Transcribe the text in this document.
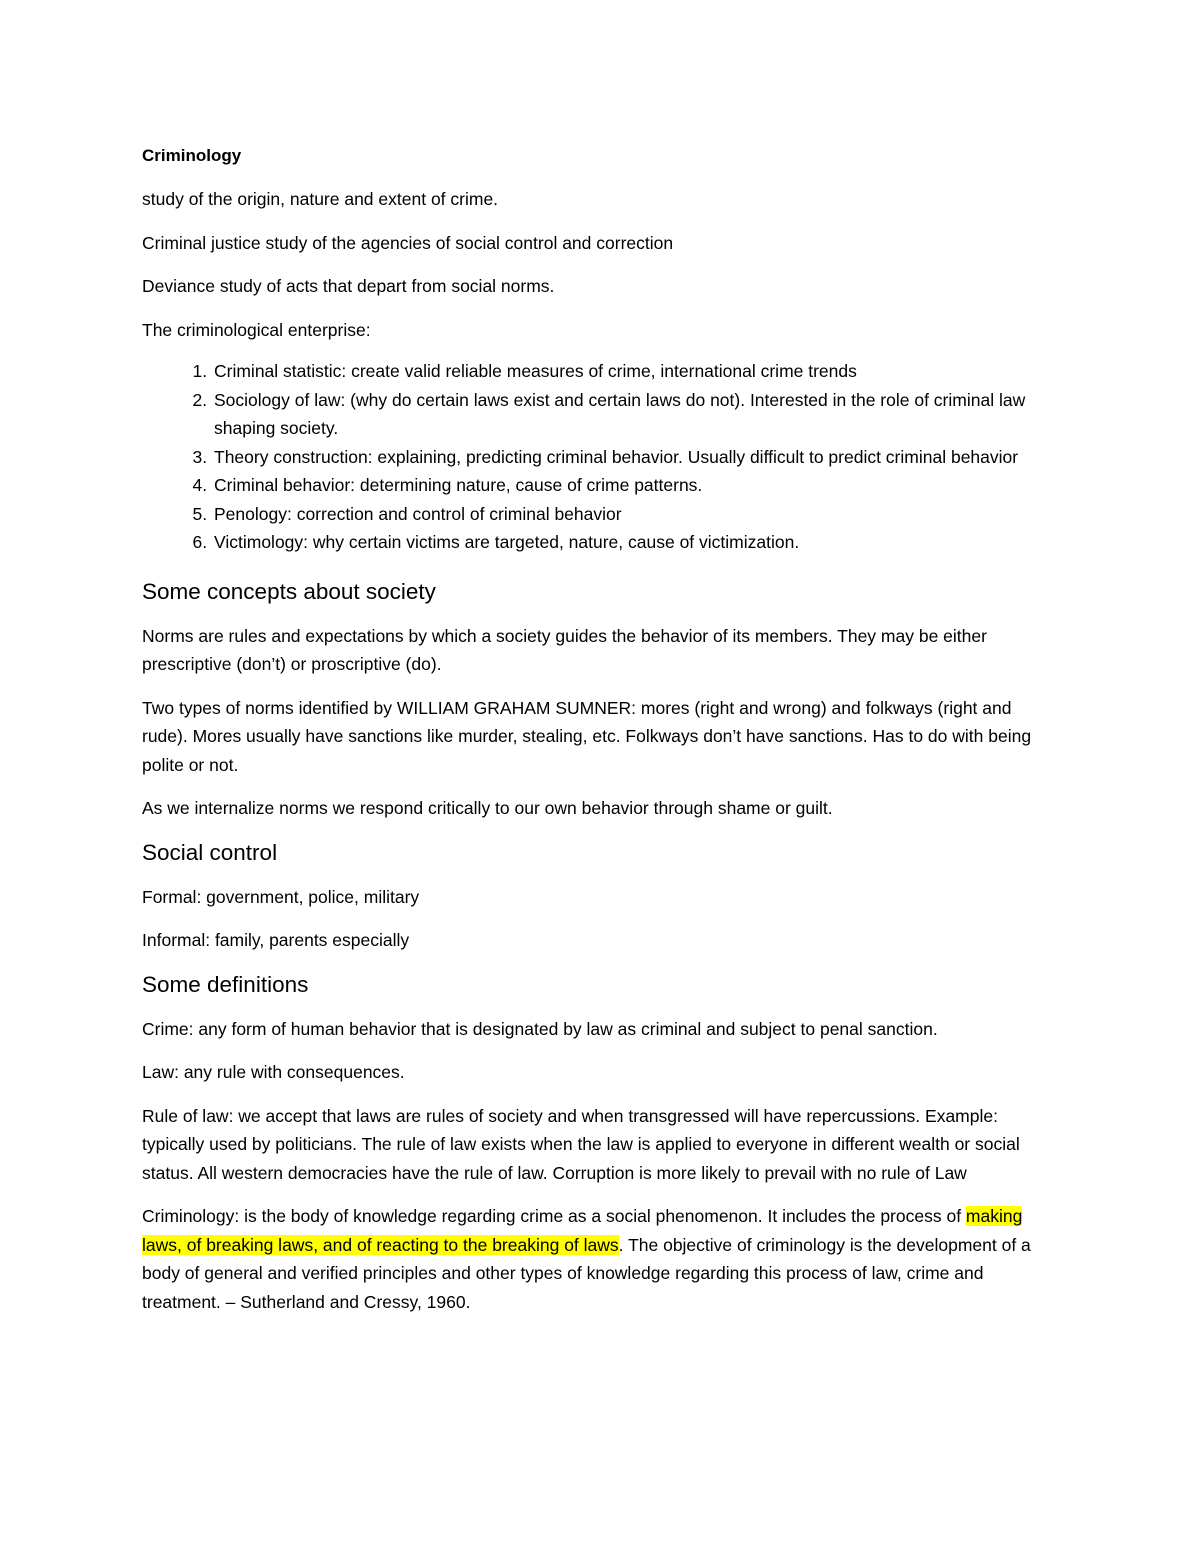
Criminology

study of the origin, nature and extent of crime.

Criminal justice study of the agencies of social control and correction

Deviance study of acts that depart from social norms.

The criminological enterprise:

1. Criminal statistic: create valid reliable measures of crime, international crime trends
2. Sociology of law: (why do certain laws exist and certain laws do not). Interested in the role of criminal law shaping society.
3. Theory construction: explaining, predicting criminal behavior. Usually difficult to predict criminal behavior
4. Criminal behavior: determining nature, cause of crime patterns.
5. Penology: correction and control of criminal behavior
6. Victimology: why certain victims are targeted, nature, cause of victimization.
Some concepts about society

Norms are rules and expectations by which a society guides the behavior of its members. They may be either prescriptive (don’t) or proscriptive (do).

Two types of norms identified by WILLIAM GRAHAM SUMNER: mores (right and wrong) and folkways (right and rude). Mores usually have sanctions like murder, stealing, etc. Folkways don’t have sanctions. Has to do with being polite or not.

As we internalize norms we respond critically to our own behavior through shame or guilt.

Social control

Formal: government, police, military

Informal: family, parents especially

Some definitions

Crime: any form of human behavior that is designated by law as criminal and subject to penal sanction.

Law: any rule with consequences.

Rule of law: we accept that laws are rules of society and when transgressed will have repercussions. Example: typically used by politicians. The rule of law exists when the law is applied to everyone in different wealth or social status. All western democracies have the rule of law. Corruption is more likely to prevail with no rule of Law

Criminology: is the body of knowledge regarding crime as a social phenomenon. It includes the process of making laws, of breaking laws, and of reacting to the breaking of laws. The objective of criminology is the development of a body of general and verified principles and other types of knowledge regarding this process of law, crime and treatment. – Sutherland and Cressy, 1960.
